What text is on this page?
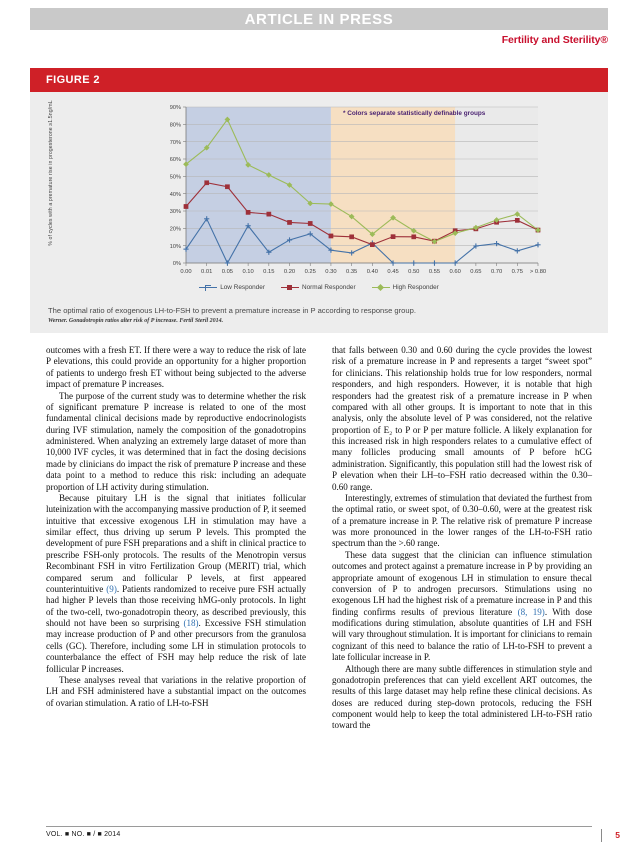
ARTICLE IN PRESS
Fertility and Sterility®
FIGURE 2
0%
10%
20%
30%
40%
50%
60%
70%
80%
90%
0.00 0.01 0.05 0.10 0.15 0.20 0.25 0.30 0.35 0.40 0.45 0.50 0.55 0.60 0.65 0.70 0.75 > 0.80
% of cycles with a premature rise in progesterone ≥1.5ng/mL	* Colors separate statistically definable groups
Low Responder	Normal Responder	High Responder
The optimal ratio of exogenous LH-to-FSH to prevent a premature increase in P according to response group.
Werner. Gonadotropin ratios alter risk of P increase. Fertil Steril 2014.

outcomes with a fresh ET. If there were a way to reduce the risk of late P elevations, this could provide an opportunity for a higher proportion of patients to undergo fresh ET without being subjected to the adverse impact of premature P increases.

The purpose of the current study was to determine whether the risk of significant premature P increase is related to one of the most fundamental clinical decisions made by reproductive endocrinologists during IVF stimulation, namely the composition of the gonadotropins administered. When analyzing an extremely large dataset of more than 10,000 IVF cycles, it was determined that in fact the dosing decisions made by clinicians do impact the risk of premature P increase and these data point to a method to reduce this risk: including an adequate proportion of LH activity during stimulation.

Because pituitary LH is the signal that initiates follicular luteinization with the accompanying massive production of P, it seemed intuitive that excessive exogenous LH in stimulation may have a similar effect, thus driving up serum P levels. This prompted the development of pure FSH preparations and a shift in clinical practice to prescribe FSH-only protocols. The results of the Menotropin versus Recombinant FSH in vitro Fertilization Group (MERIT) trial, which compared serum and follicular P levels, at first appeared counterintuitive (9). Patients randomized to receive pure FSH actually had higher P levels than those receiving hMG-only protocols. In light of the two-cell, two-gonadotropin theory, as described previously, this should not have been so surprising (18). Excessive FSH stimulation may increase production of P and other precursors from the granulosa cells (GC). Therefore, including some LH in stimulation protocols to counterbalance the effect of FSH may help reduce the risk of late follicular P increases.

These analyses reveal that variations in the relative proportion of LH and FSH administered have a substantial impact on the outcomes of ovarian stimulation. A ratio of LH-to-FSH

that falls between 0.30 and 0.60 during the cycle provides the lowest risk of a premature increase in P and represents a target “sweet spot” for clinicians. This relationship holds true for low responders, normal responders, and high responders. However, it is notable that high responders had the greatest risk of a premature increase in P when compared with all other groups. It is important to note that in this analysis, only the absolute level of P was considered, not the relative proportion of E₂ to P or P per mature follicle. A likely explanation for this increased risk in high responders relates to a cumulative effect of many follicles producing small amounts of P before hCG administration. Significantly, this population still had the lowest risk of P elevation when their LH–to–FSH ratio decreased within the 0.30–0.60 range.

Interestingly, extremes of stimulation that deviated the furthest from the optimal ratio, or sweet spot, of 0.30–0.60, were at the greatest risk of a premature increase in P. The relative risk of premature P increase was more pronounced in the lower ranges of the LH-to-FSH ratio spectrum than the >.60 range.

These data suggest that the clinician can influence stimulation outcomes and protect against a premature increase in P by providing an appropriate amount of exogenous LH in stimulation to ensure thecal conversion of P to androgen precursors. Stimulations using no exogenous LH had the highest risk of a premature increase in P and this finding confirms results of previous literature (8, 19). With dose modifications during stimulation, absolute quantities of LH and FSH will vary throughout stimulation. It is important for clinicians to remain cognizant of this need to balance the ratio of LH-to-FSH to prevent a late follicular increase in P.

Although there are many subtle differences in stimulation style and gonadotropin preferences that can yield excellent ART outcomes, the results of this large dataset may help refine these clinical decisions. As doses are reduced during step-down protocols, reducing the FSH component would help to keep the total administered LH-to-FSH ratio toward the

VOL. ■ NO. ■ / ■ 2014	5
